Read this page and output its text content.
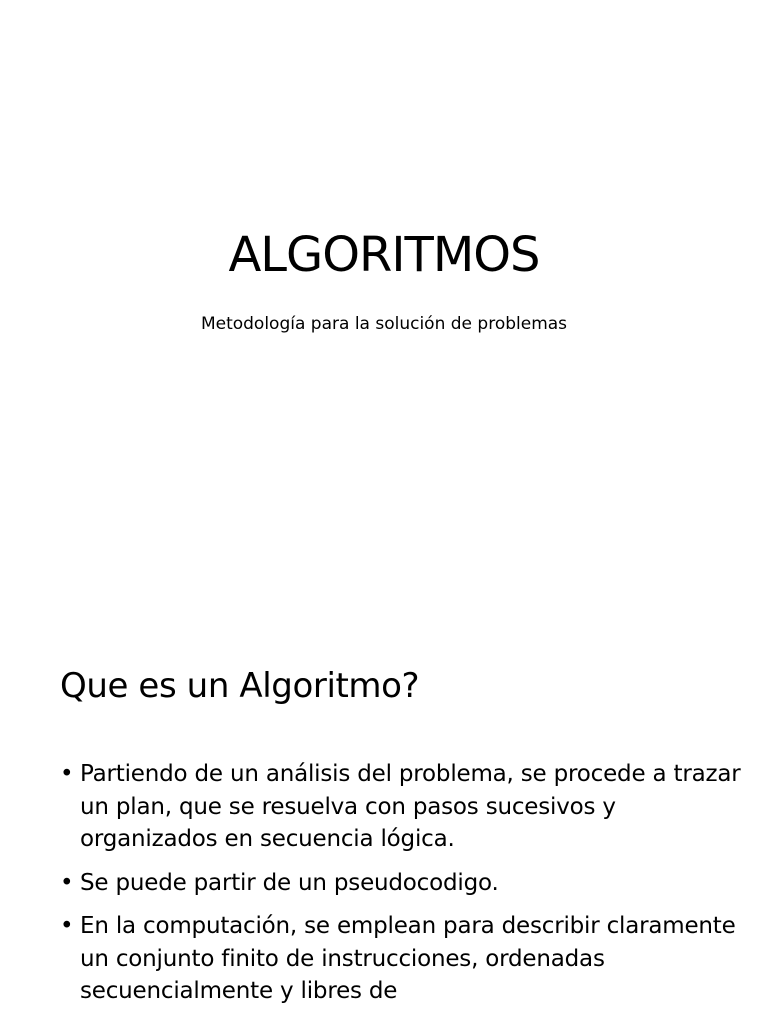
ALGORITMOS
Metodología para la solución de problemas
Que es un Algoritmo?
• Partiendo de un análisis del problema, se procede a trazar un plan, que se resuelva con pasos sucesivos y organizados en secuencia lógica.
• Se puede partir de un pseudocodigo.
• En la computación, se emplean para describir claramente un conjunto finito de instrucciones, ordenadas secuencialmente y libres de
